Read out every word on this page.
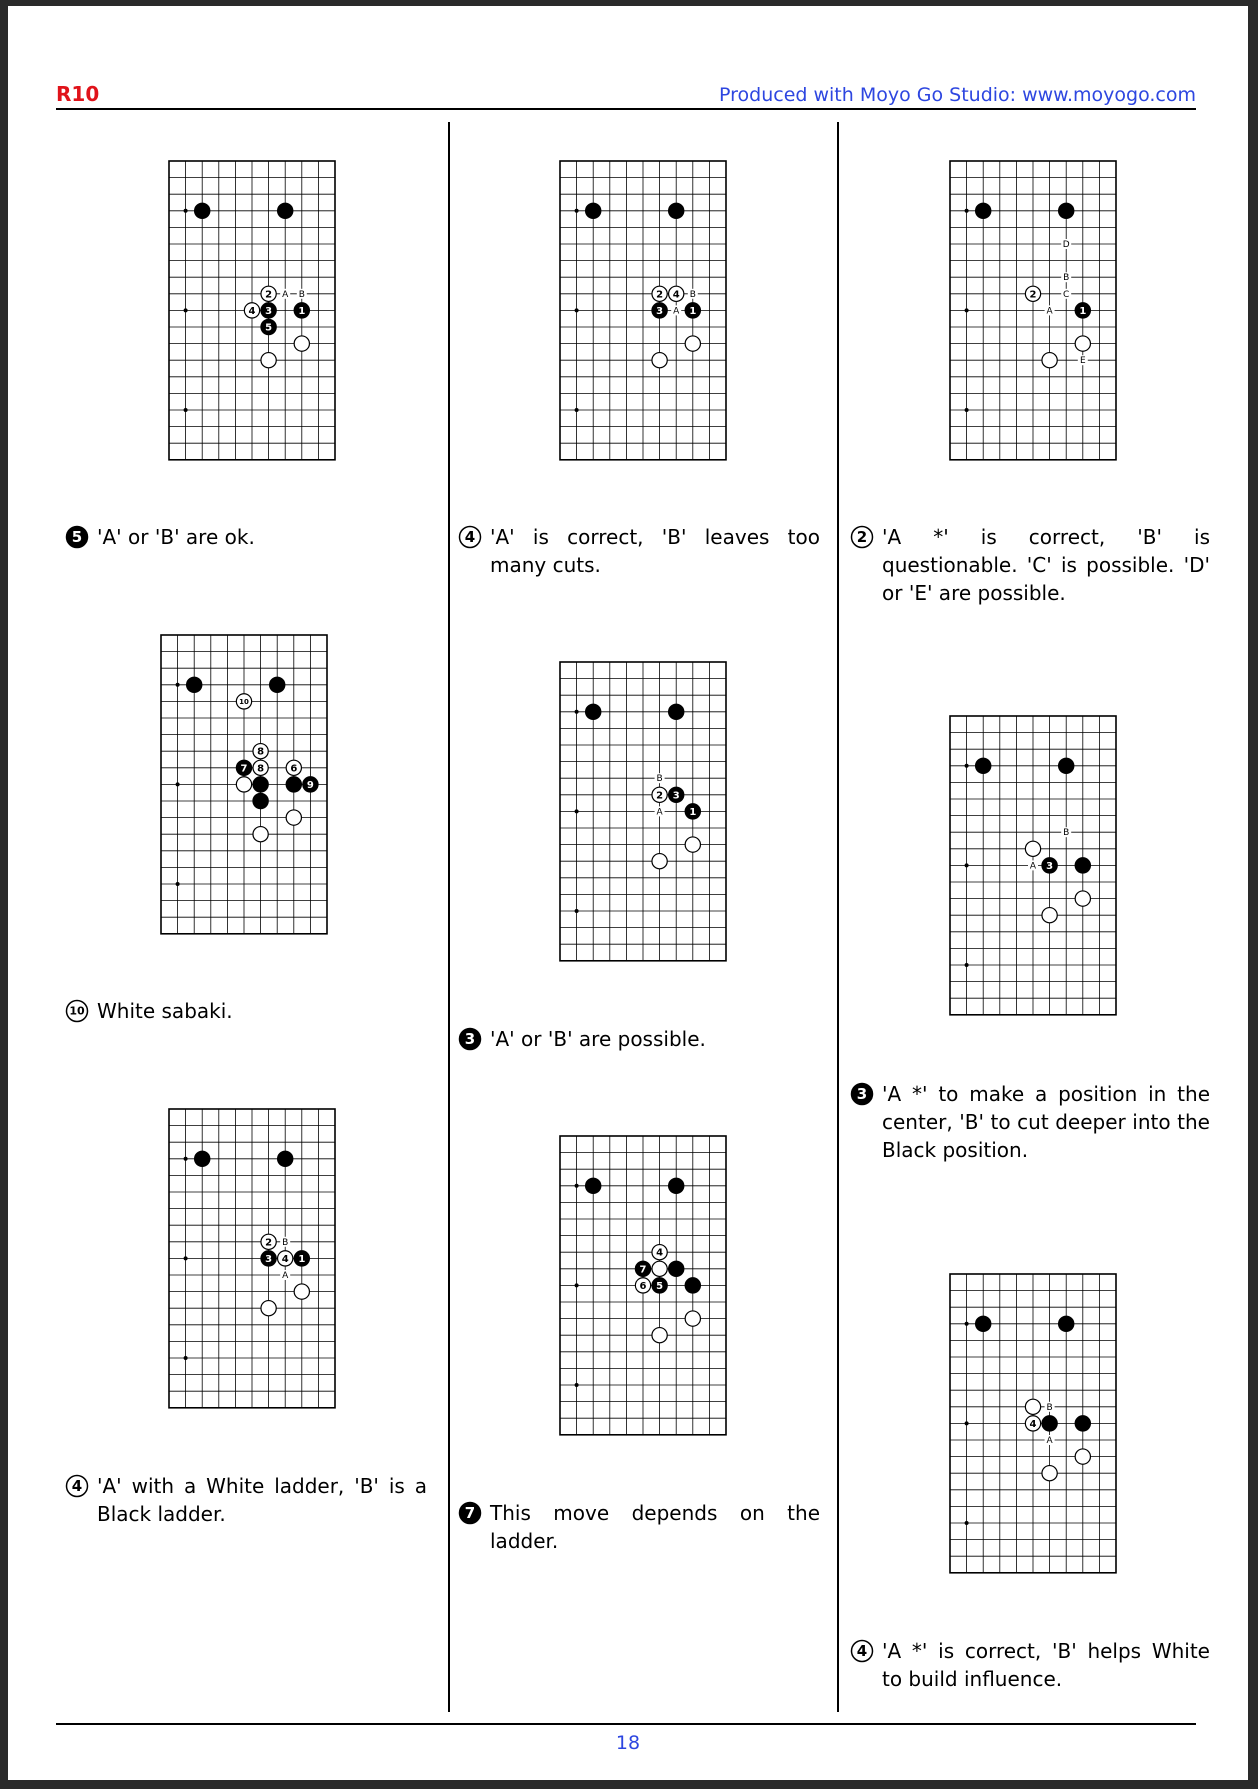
R10	Produced with Moyo Go Studio: www.moyogo.com
A B
1
2
3
4
5
5 'A' or 'B' are ok.
8
8
7	6
9
10
10 White sabaki.
B
A
1
2
3 4
4 'A' with a White ladder, 'B' is a Black ladder.
B
A 1
2
3
4
4 'A' is correct, 'B' leaves too many cuts.
B
A	1
2 3
3 'A' or 'B' are possible.
4
5
6
7
7 This move depends on the ladder.
D
B
C
A
E
1
2
2 'A *' is correct, 'B' is questionable. 'C' is possible. 'D' or 'E' are possible.
A
B
3
3 'A *' to make a position in the center, 'B' to cut deeper into the Black position.
B
A
4
4 'A *' is correct, 'B' helps White to build influence.
18
